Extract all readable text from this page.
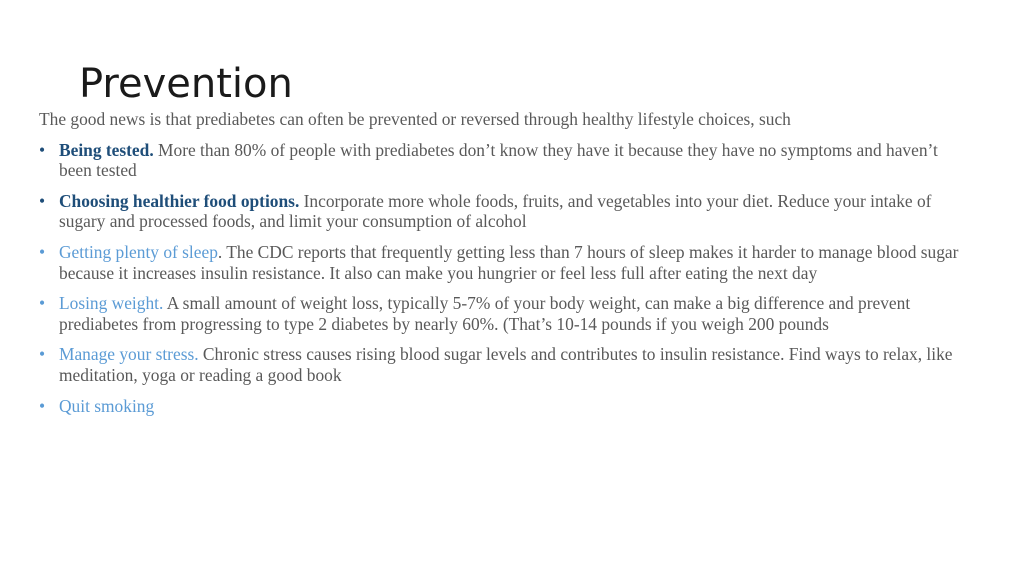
Prevention

The good news is that prediabetes can often be prevented or reversed through healthy lifestyle choices, such

• Being tested. More than 80% of people with prediabetes don’t know they have it because they have no symptoms and haven’t been tested
• Choosing healthier food options. Incorporate more whole foods, fruits, and vegetables into your diet. Reduce your intake of sugary and processed foods, and limit your consumption of alcohol
• Getting plenty of sleep. The CDC reports that frequently getting less than 7 hours of sleep makes it harder to manage blood sugar because it increases insulin resistance. It also can make you hungrier or feel less full after eating the next day
• Losing weight. A small amount of weight loss, typically 5-7% of your body weight, can make a big difference and prevent prediabetes from progressing to type 2 diabetes by nearly 60%. (That’s 10-14 pounds if you weigh 200 pounds
• Manage your stress. Chronic stress causes rising blood sugar levels and contributes to insulin resistance. Find ways to relax, like meditation, yoga or reading a good book
• Quit smoking
